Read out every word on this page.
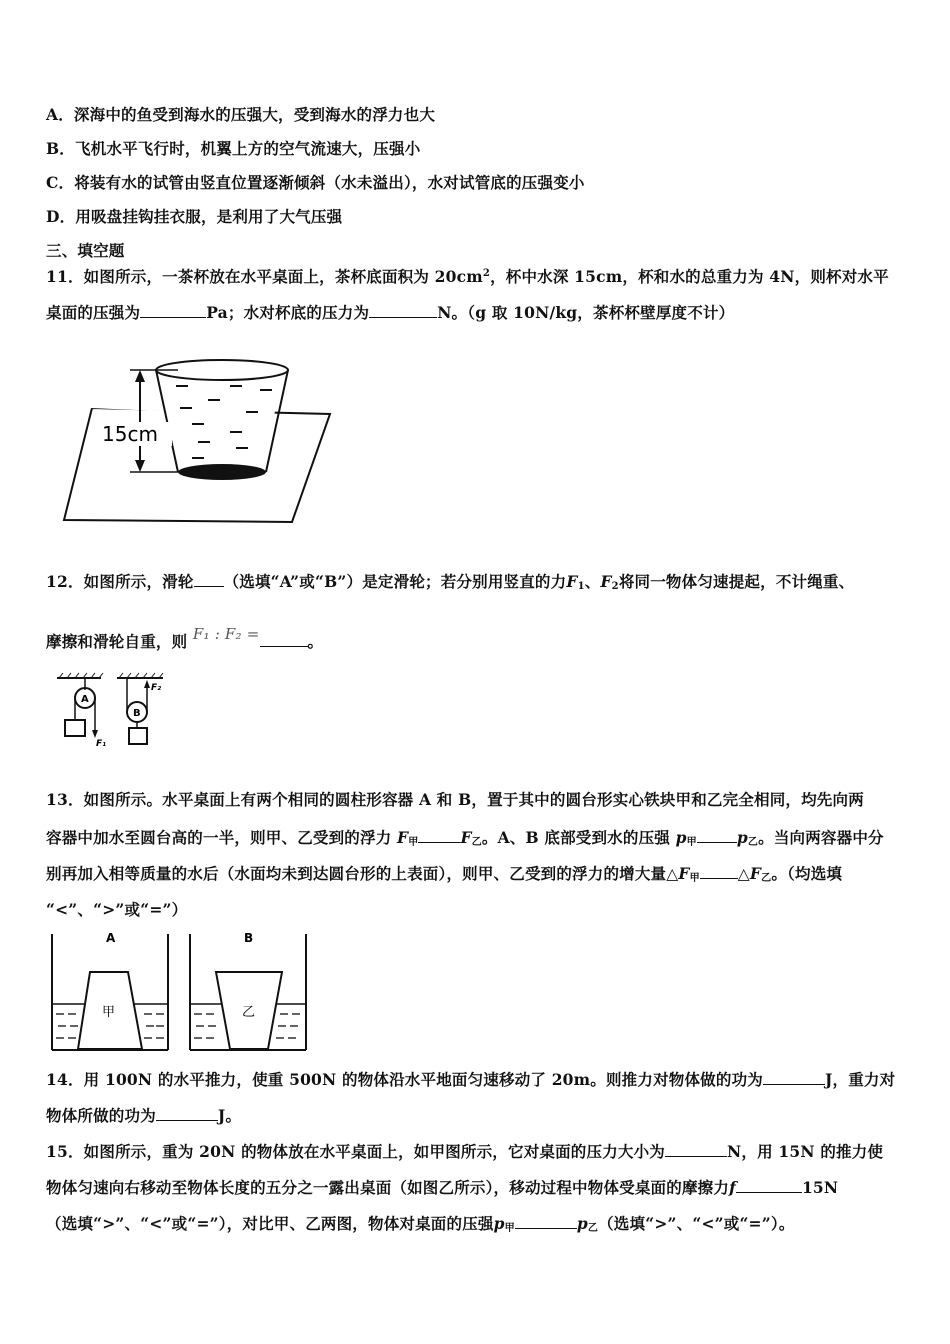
A．深海中的鱼受到海水的压强大，受到海水的浮力也大
B．飞机水平飞行时，机翼上方的空气流速大，压强小
C．将装有水的试管由竖直位置逐渐倾斜（水未溢出），水对试管底的压强变小
D．用吸盘挂钩挂衣服，是利用了大气压强
三、填空题
11．如图所示，一茶杯放在水平桌面上，茶杯底面积为 $20cm^2$，杯中水深 15cm，杯和水的总重力为 4N，则杯对水平
桌面的压强为	Pa；水对杯底的压力为	N。（g 取 10N/kg，茶杯杯壁厚度不计）
15cm
12．如图所示，滑轮 （选填“A”或“B”）是定滑轮；若分别用竖直的力$F_1$、$F_2$将同一物体匀速提起，不计绳重、
摩擦和滑轮自重，则 F₁ : F₂ =	。
A
F₁
F₂
B
13．如图所示。水平桌面上有两个相同的圆柱形容器 A 和 B，置于其中的圆台形实心铁块甲和乙完全相同，均先向两
容器中加水至圆台高的一半，则甲、乙受到的浮力 $F_甲$	$F_乙$。A、B 底部受到水的压强 $p_甲$	$p_乙$。当向两容器中分
别再加入相等质量的水后（水面均未到达圆台形的上表面），则甲、乙受到的浮力的增大量$\triangle F_甲$ $\triangle F_乙$。（均选填
“<”、“>”或“=”）
A
甲
B
乙
14．用 100N 的水平推力，使重 500N 的物体沿水平地面匀速移动了 20m。则推力对物体做的功为	J，重力对
物体所做的功为	J。
15．如图所示，重为 20N 的物体放在水平桌面上，如甲图所示，它对桌面的压力大小为	N，用 15N 的推力使
物体匀速向右移动至物体长度的五分之一露出桌面（如图乙所示），移动过程中物体受桌面的摩擦力f	15N
（选填“>”、“<”或“=”），对比甲、乙两图，物体对桌面的压强$p_甲$	$p_乙$（选填“>”、“<”或“=”）。
